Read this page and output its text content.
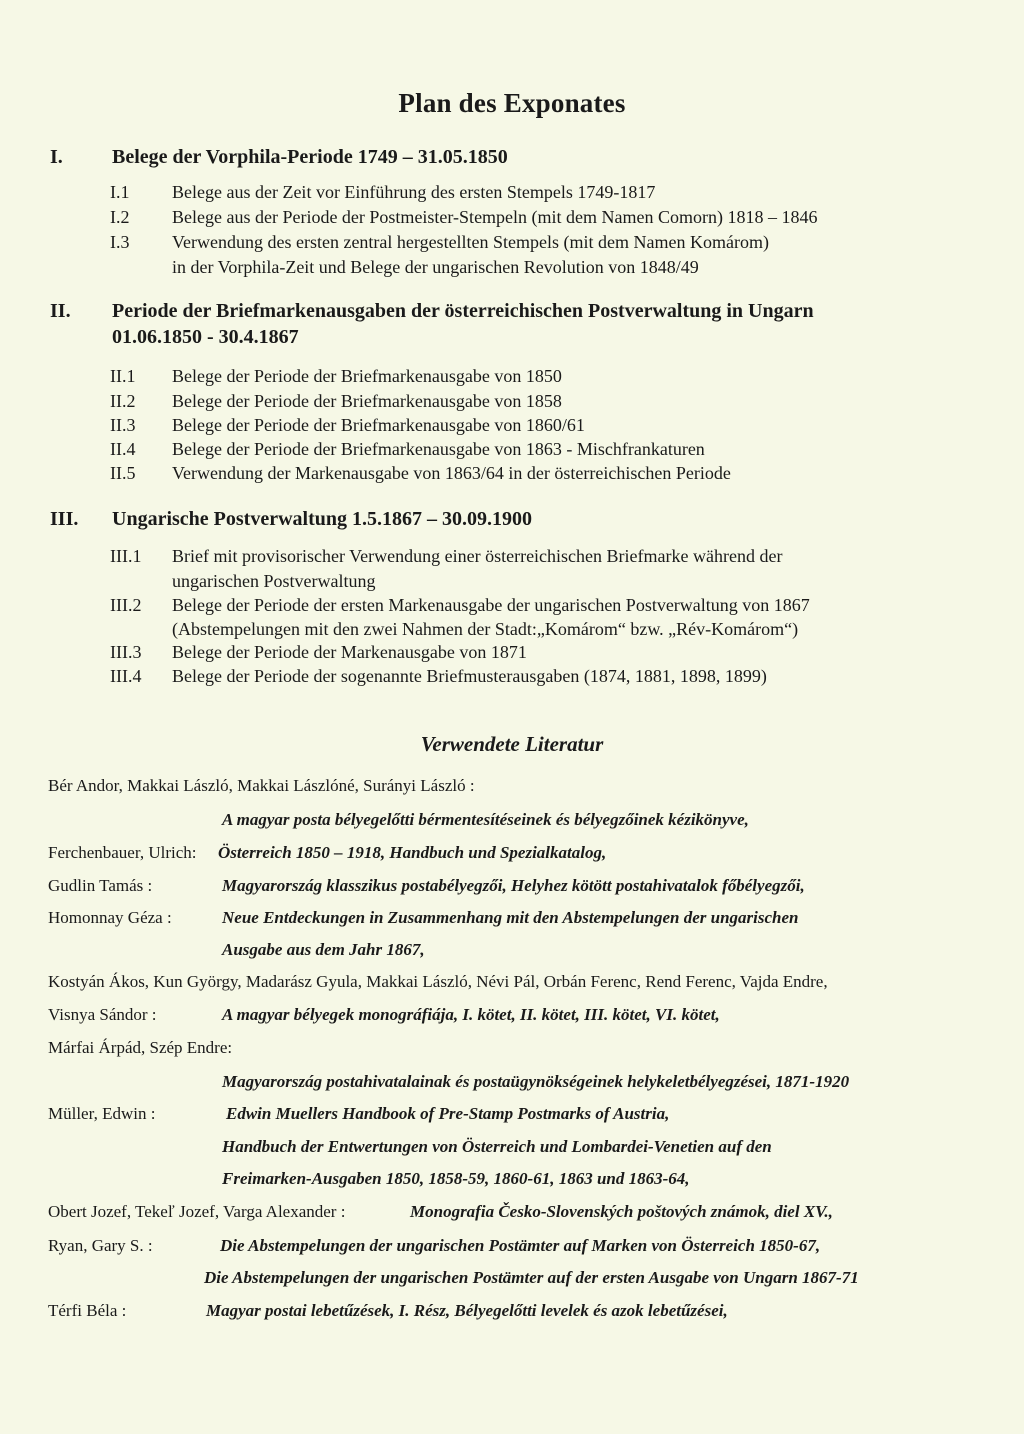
Plan des Exponates
I. Belege der Vorphila-Periode 1749 – 31.05.1850
I.1 Belege aus der Zeit vor Einführung des ersten Stempels 1749-1817
I.2 Belege aus der Periode der Postmeister-Stempeln (mit dem Namen Comorn) 1818 – 1846
I.3 Verwendung des ersten zentral hergestellten Stempels (mit dem Namen Komárom)
in der Vorphila-Zeit und Belege der ungarischen Revolution von 1848/49
II. Periode der Briefmarkenausgaben der österreichischen Postverwaltung in Ungarn
01.06.1850 - 30.4.1867
II.1 Belege der Periode der Briefmarkenausgabe von 1850
II.2 Belege der Periode der Briefmarkenausgabe von 1858
II.3 Belege der Periode der Briefmarkenausgabe von 1860/61
II.4 Belege der Periode der Briefmarkenausgabe von 1863 - Mischfrankaturen
II.5 Verwendung der Markenausgabe von 1863/64 in der österreichischen Periode
III. Ungarische Postverwaltung 1.5.1867 – 30.09.1900
III.1 Brief mit provisorischer Verwendung einer österreichischen Briefmarke während der
ungarischen Postverwaltung
III.2 Belege der Periode der ersten Markenausgabe der ungarischen Postverwaltung von 1867
(Abstempelungen mit den zwei Nahmen der Stadt:„Komárom“ bzw. „Rév-Komárom“)
III.3 Belege der Periode der Markenausgabe von 1871
III.4 Belege der Periode der sogenannte Briefmusterausgaben (1874, 1881, 1898, 1899)
Verwendete Literatur
Bér Andor, Makkai László, Makkai Lászlóné, Surányi László :
A magyar posta bélyegelőtti bérmentesítéseinek és bélyegzőinek kézikönyve,
Ferchenbauer, Ulrich: Österreich 1850 – 1918, Handbuch und Spezialkatalog,
Gudlin Tamás :	Magyarország klasszikus postabélyegzői, Helyhez kötött postahivatalok főbélyegzői,
Homonnay Géza :	Neue Entdeckungen in Zusammenhang mit den Abstempelungen der ungarischen
Ausgabe aus dem Jahr 1867,
Kostyán Ákos, Kun György, Madarász Gyula, Makkai László, Névi Pál, Orbán Ferenc, Rend Ferenc, Vajda Endre,
Visnya Sándor :	A magyar bélyegek monográfiája, I. kötet, II. kötet, III. kötet, VI. kötet,
Márfai Árpád, Szép Endre:
Magyarország postahivatalainak és postaügynökségeinek helykeletbélyegzései, 1871-1920
Müller, Edwin :	Edwin Muellers Handbook of Pre-Stamp Postmarks of Austria,
Handbuch der Entwertungen von Österreich und Lombardei-Venetien auf den
Freimarken-Ausgaben 1850, 1858-59, 1860-61, 1863 und 1863-64,
Obert Jozef, Tekeľ Jozef, Varga Alexander :	Monografia Česko-Slovenských poštových známok, diel XV.,
Ryan, Gary S. :	Die Abstempelungen der ungarischen Postämter auf Marken von Österreich 1850-67,
Die Abstempelungen der ungarischen Postämter auf der ersten Ausgabe von Ungarn 1867-71
Térfi Béla :	Magyar postai lebetűzések, I. Rész, Bélyegelőtti levelek és azok lebetűzései,
